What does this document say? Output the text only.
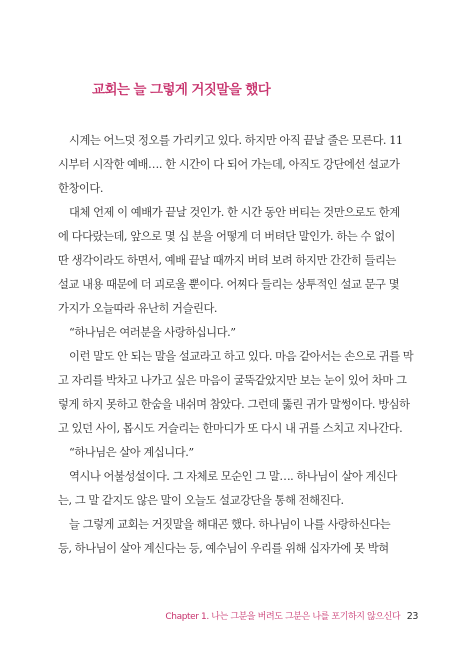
교회는 늘 그렇게 거짓말을 했다
시계는 어느덧 정오를 가리키고 있다. 하지만 아직 끝날 줄은 모른다. 11
시부터 시작한 예배…. 한 시간이 다 되어 가는데, 아직도 강단에선 설교가
한창이다.
대체 언제 이 예배가 끝날 것인가. 한 시간 동안 버티는 것만으로도 한계
에 다다랐는데, 앞으로 몇 십 분을 어떻게 더 버텨단 말인가. 하는 수 없이
딴 생각이라도 하면서, 예배 끝날 때까지 버텨 보려 하지만 간간히 들리는
설교 내용 때문에 더 괴로울 뿐이다. 어찌다 들리는 상투적인 설교 문구 몇
가지가 오늘따라 유난히 거슬린다.
“하나님은 여러분을 사랑하십니다.”
이런 말도 안 되는 말을 설교라고 하고 있다. 마음 같아서는 손으로 귀를 막
고 자리를 박차고 나가고 싶은 마음이 굴뚝같았지만 보는 눈이 있어 차마 그
렇게 하지 못하고 한숨을 내쉬며 참았다. 그런데 뚫린 귀가 말썽이다. 방심하
고 있던 사이, 몹시도 거슬리는 한마디가 또 다시 내 귀를 스치고 지나간다.
“하나님은 살아 계십니다.”
역시나 어불성설이다. 그 자체로 모순인 그 말…. 하나님이 살아 계신다
는, 그 말 같지도 않은 말이 오늘도 설교강단을 통해 전해진다.
늘 그렇게 교회는 거짓말을 해대곤 했다. 하나님이 나를 사랑하신다는
등, 하나님이 살아 계신다는 등, 예수님이 우리를 위해 십자가에 못 박혀
Chapter 1. 나는 그분을 버려도 그분은 나를 포기하지 않으신다 23
